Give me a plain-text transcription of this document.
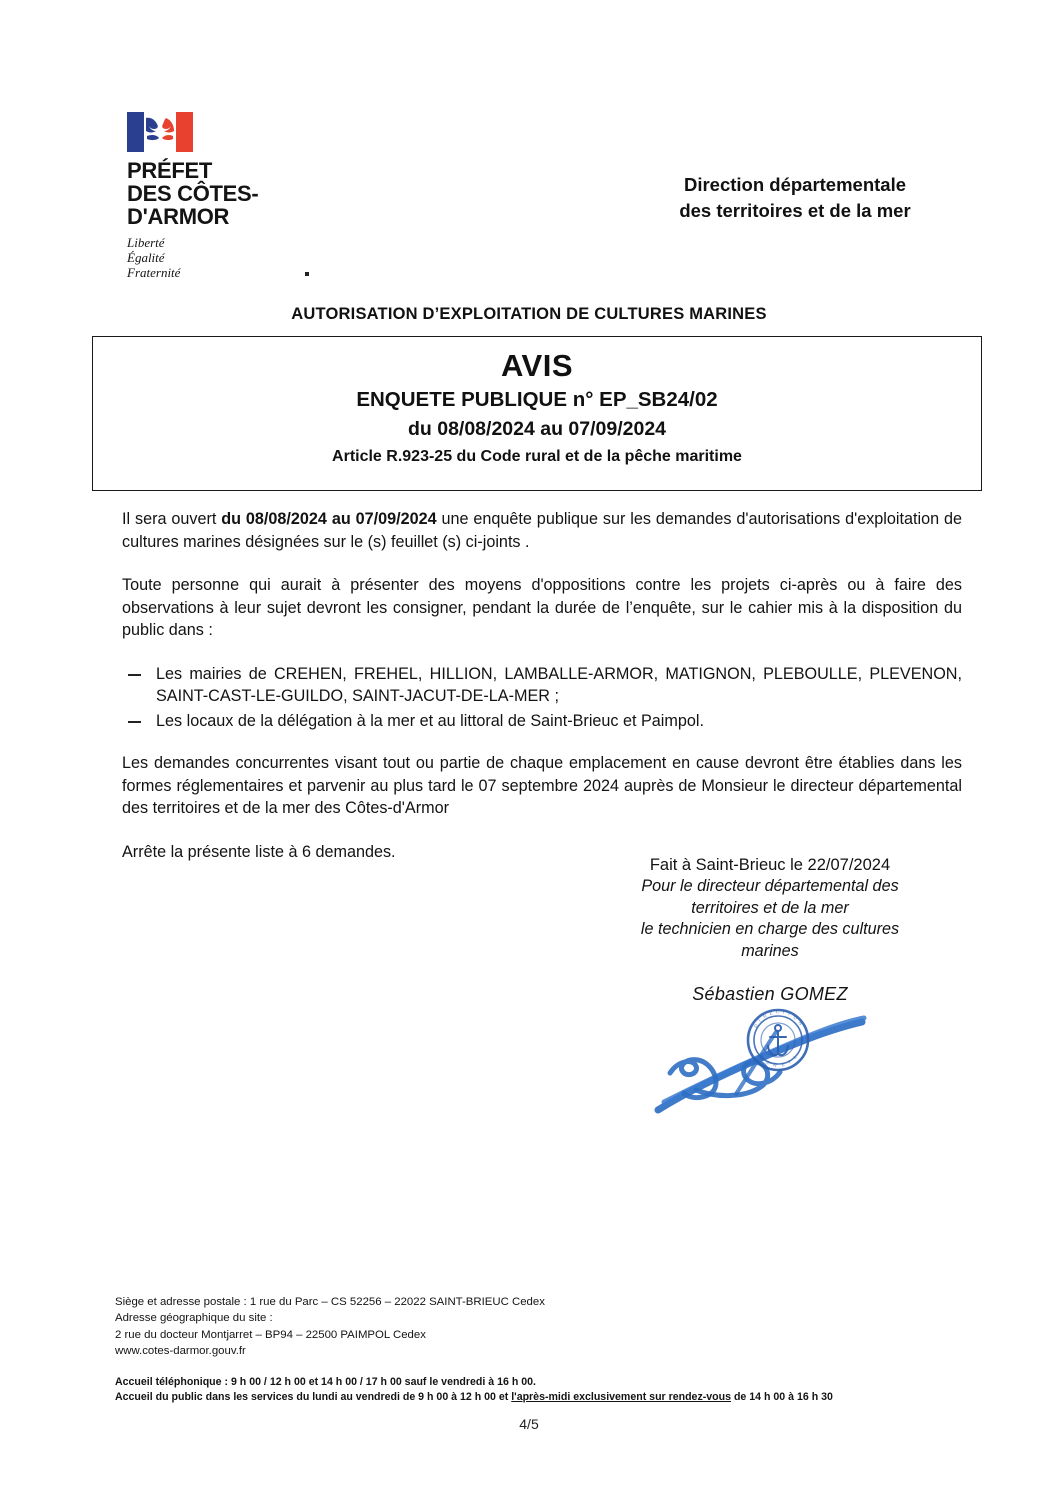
PRÉFET
DES CÔTES-
D'ARMOR
Liberté
Égalité
Fraternité
Direction départementale
des territoires et de la mer
AUTORISATION D’EXPLOITATION DE CULTURES MARINES
AVIS
ENQUETE PUBLIQUE n° EP_SB24/02
du 08/08/2024 au 07/09/2024
Article R.923-25 du Code rural et de la pêche maritime

Il sera ouvert du 08/08/2024 au 07/09/2024 une enquête publique sur les demandes d'autorisations d'exploitation de cultures marines désignées sur le (s) feuillet (s) ci-joints .

Toute personne qui aurait à présenter des moyens d'oppositions contre les projets ci-après ou à faire des observations à leur sujet devront les consigner, pendant la durée de l’enquête, sur le cahier mis à la disposition du public dans :

Les mairies de CREHEN, FREHEL, HILLION, LAMBALLE-ARMOR, MATIGNON, PLEBOULLE, PLEVENON, SAINT-CAST-LE-GUILDO, SAINT-JACUT-DE-LA-MER ;
Les locaux de la délégation à la mer et au littoral de Saint-Brieuc et Paimpol.

Les demandes concurrentes visant tout ou partie de chaque emplacement en cause devront être établies dans les formes réglementaires et parvenir au plus tard le 07 septembre 2024 auprès de Monsieur le directeur départemental des territoires et de la mer des Côtes-d'Armor

Arrête la présente liste à 6 demandes.

Fait à Saint-Brieuc le 22/07/2024
Pour le directeur départemental des
territoires et de la mer
le technicien en charge des cultures
marines
Sébastien GOMEZ
D
I
R E C T I
O
N
M
E R E T
L
Siège et adresse postale : 1 rue du Parc – CS 52256 – 22022 SAINT-BRIEUC Cedex
Adresse géographique du site :
2 rue du docteur Montjarret – BP94 – 22500 PAIMPOL Cedex
www.cotes-darmor.gouv.fr
Accueil téléphonique : 9 h 00 / 12 h 00 et 14 h 00 / 17 h 00 sauf le vendredi à 16 h 00.
Accueil du public dans les services du lundi au vendredi de 9 h 00 à 12 h 00 et l'après-midi exclusivement sur rendez-vous de 14 h 00 à 16 h 30
4/5
